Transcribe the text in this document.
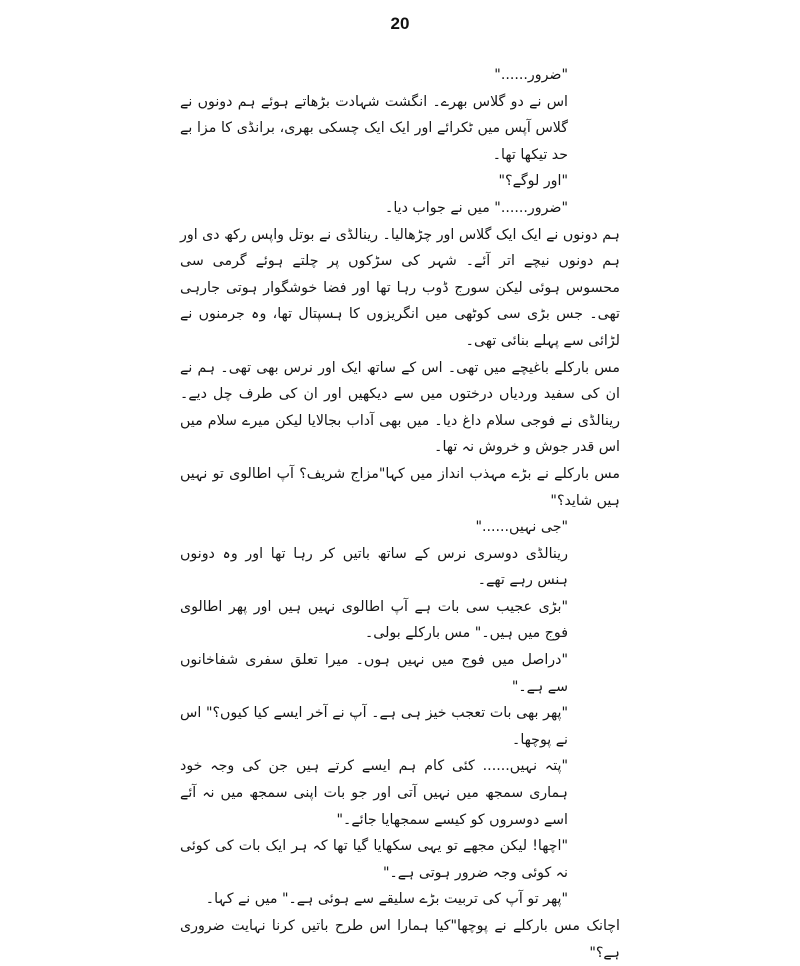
20

"ضرور......"

اس نے دو گلاس بھرے۔ انگشت شہادت بڑھاتے ہوئے ہم دونوں نے گلاس آپس میں ٹکرائے اور ایک ایک چسکی بھری، برانڈی کا مزا بے حد تیکھا تھا۔

"اور لوگے؟"

"ضرور......" میں نے جواب دیا۔

ہم دونوں نے ایک ایک گلاس اور چڑھالیا۔ رینالڈی نے بوتل واپس رکھ دی اور ہم دونوں نیچے اتر آئے۔ شہر کی سڑکوں پر چلتے ہوئے گرمی سی محسوس ہوئی لیکن سورج ڈوب رہا تھا اور فضا خوشگوار ہوتی جارہی تھی۔ جس بڑی سی کوٹھی میں انگریزوں کا ہسپتال تھا، وہ جرمنوں نے لڑائی سے پہلے بنائی تھی۔

مس بارکلے باغیچے میں تھی۔ اس کے ساتھ ایک اور نرس بھی تھی۔ ہم نے ان کی سفید وردیاں درختوں میں سے دیکھیں اور ان کی طرف چل دیے۔ رینالڈی نے فوجی سلام داغ دیا۔ میں بھی آداب بجالایا لیکن میرے سلام میں اس قدر جوش و خروش نہ تھا۔

مس بارکلے نے بڑے مہذب انداز میں کہا"مزاج شریف؟ آپ اطالوی تو نہیں ہیں شاید؟"

"جی نہیں......"

رینالڈی دوسری نرس کے ساتھ باتیں کر رہا تھا اور وہ دونوں ہنس رہے تھے۔

"بڑی عجیب سی بات ہے آپ اطالوی نہیں ہیں اور پھر اطالوی فوج میں ہیں۔" مس بارکلے بولی۔

"دراصل میں فوج میں نہیں ہوں۔ میرا تعلق سفری شفاخانوں سے ہے۔"

"پھر بھی بات تعجب خیز ہی ہے۔ آپ نے آخر ایسے کیا کیوں؟" اس نے پوچھا۔

"پتہ نہیں...... کئی کام ہم ایسے کرتے ہیں جن کی وجہ خود ہماری سمجھ میں نہیں آتی اور جو بات اپنی سمجھ میں نہ آئے اسے دوسروں کو کیسے سمجھایا جائے۔"

"اچھا! لیکن مجھے تو یہی سکھایا گیا تھا کہ ہر ایک بات کی کوئی نہ کوئی وجہ ضرور ہوتی ہے۔"

"پھر تو آپ کی تربیت بڑے سلیقے سے ہوئی ہے۔" میں نے کہا۔

اچانک مس بارکلے نے پوچھا"کیا ہمارا اس طرح باتیں کرنا نہایت ضروری ہے؟"
